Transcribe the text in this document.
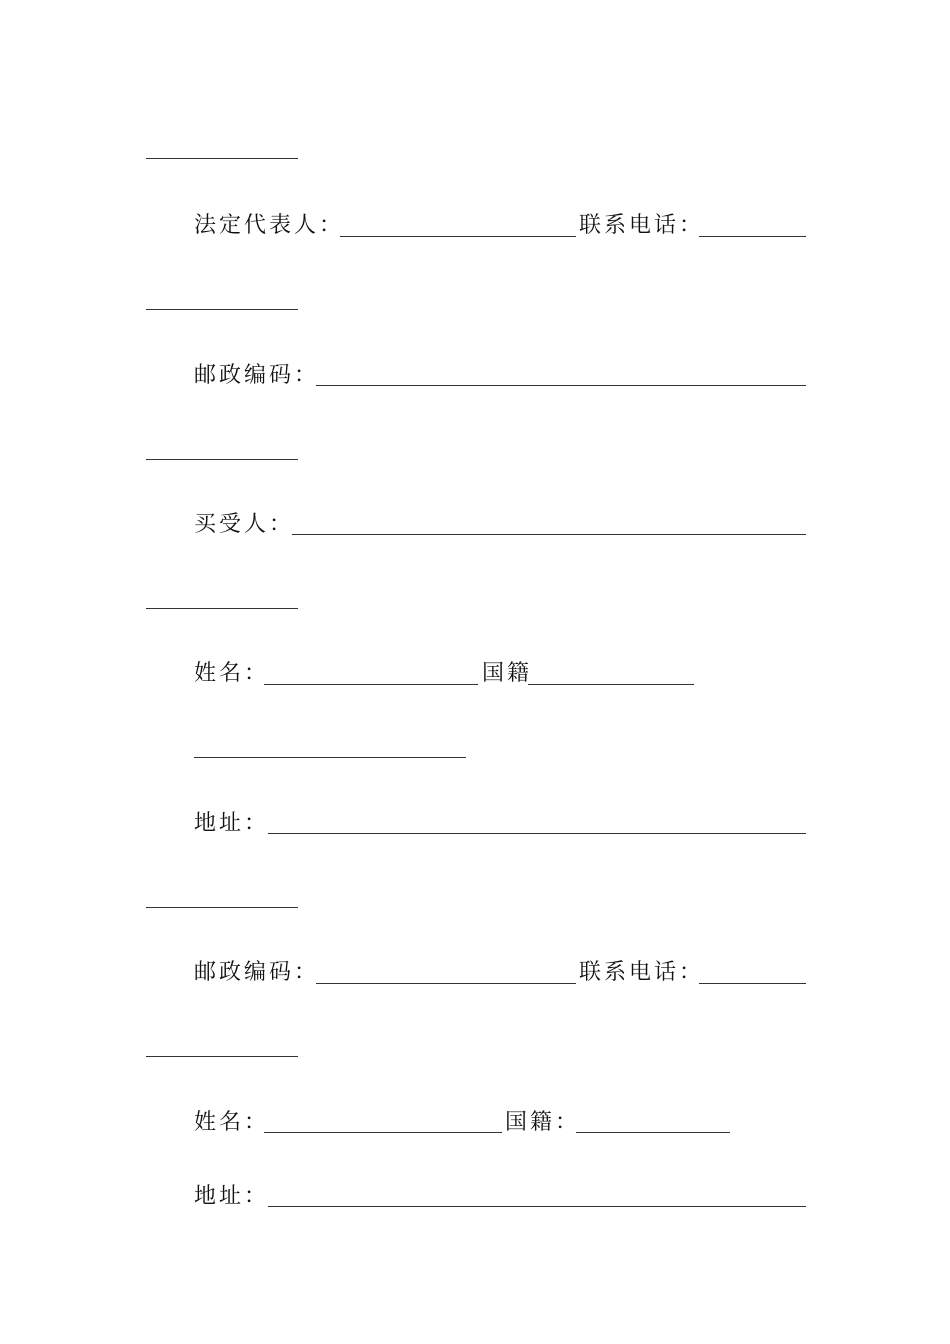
法定代表人：	联系电话：
邮政编码：
买受人：
姓名：	国籍
地址：
邮政编码：	联系电话：
姓名：	国籍：
地址：
